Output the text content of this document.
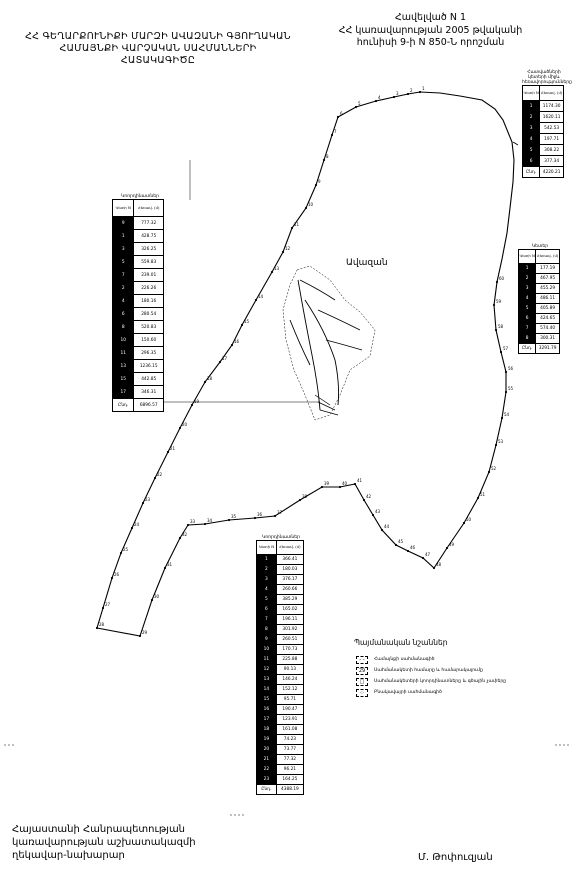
ՀՀ ԳԵՂԱՐՔՈՒՆԻՔԻ ՄԱՐԶԻ ԱՎԱԶԱՆԻ ԳՅՈՒՂԱԿԱՆ
ՀԱՄԱՅՆՔԻ ՎԱՐՉԱԿԱՆ ՍԱՀՄԱՆՆԵՐԻ
ՀԱՏԱԿԱԳԻԾԸ
Հավելված N 1
ՀՀ կառավարության 2005 թվականի
hունիսի 9-ի N 850-Ն որոշման
1
2
3
4
5
6
7
8
9
10
11
12
13
14
15
16
17
18
19
20
21
22
23
24
25
26
27
28
29
30
31
32
33	34
35	36	37
38
39	40
41
42
43
44
45
46
47
48
49
50
51
52
53
54
55
56
57
58
59
60
Ավազան
Կոորդինատներ
Կետի N	Հեռավ. (մ)
9	777.32
1	428.75
3	326.25
5	559.83
7	239.01
2	226.26
4	180.16
6	280.54
8	520.83
10	150.60
11	296.35
13	1236.15
15	442.85
17	346.31
Ընդ.	6896.57
Հատվածների կետերի միջև հեռավորությունները
Կետի N	Հեռավ. (մ)
1	1174.30
2	1620.11
3	542.53
4	197.71
5	308.22
6	377.34
Ընդ.	4220.21
Կետեր
Կետի N	Հեռավ. (մ)
1	177.19
2	467.95
3	455.29
4	486.11
5	405.89
6	424.65
7	574.40
8	300.31
Ընդ.	3291.79
Կոորդինատներ
Կետի N	Հեռավ. (մ)
1	366.41
2	180.03
3	376.17
4	260.66
5	385.29
6	165.02
7	196.11
8	301.92
9	260.51
10	170.73
11	225.88
12	90.13
13	146.24
14	152.12
15	95.71
16	190.47
17	123.91
18	161.08
19	74.23
20	73.77
21	77.32
22	96.21
23	164.25
Ընդ.	4388.19
Պայմանական նշաններ
- -	Համայնքի սահմանագիծ
29	Սահմանակետի համարը և համարակալումը
□	Սահմանակետերի կոորդինատները և գծային չափերը
·:·	Բնակավայրի սահմանագիծ
Հայաստանի Հանրապետության
կառավարության աշխատակազմի
ղեկավար-նախարար	Մ. Թոփուզյան
